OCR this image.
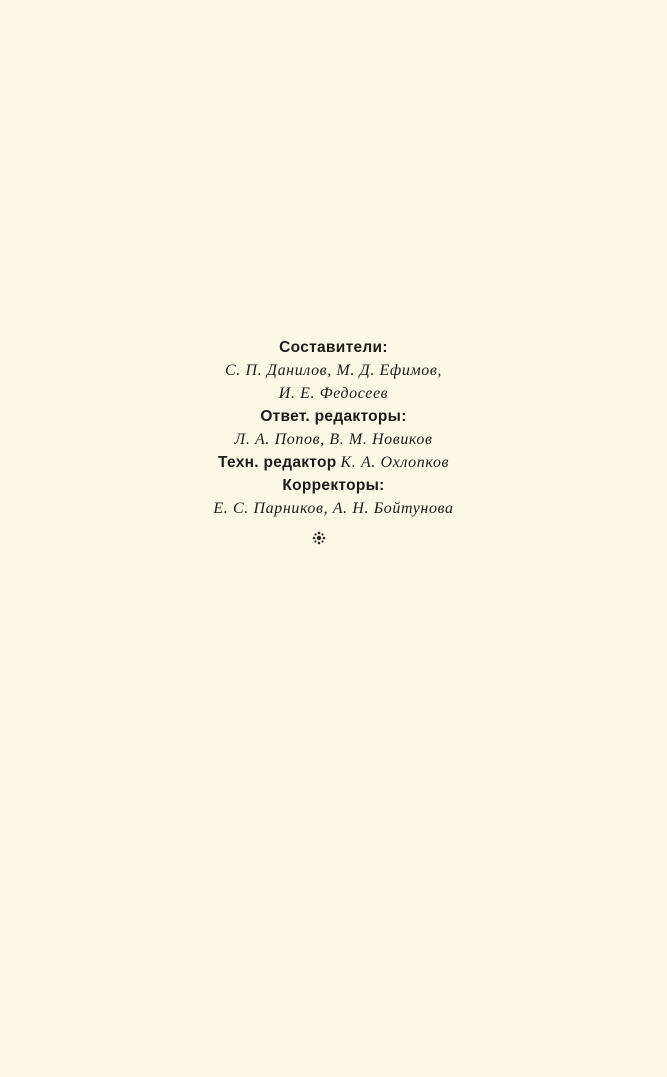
Составители:
С. П. Данилов, М. Д. Ефимов,
И. Е. Федосеев
Ответ. редакторы:
Л. А. Попов, В. М. Новиков
Техн. редактор К. А. Охлопков
Корректоры:
Е. С. Парников, А. Н. Бойтунова
